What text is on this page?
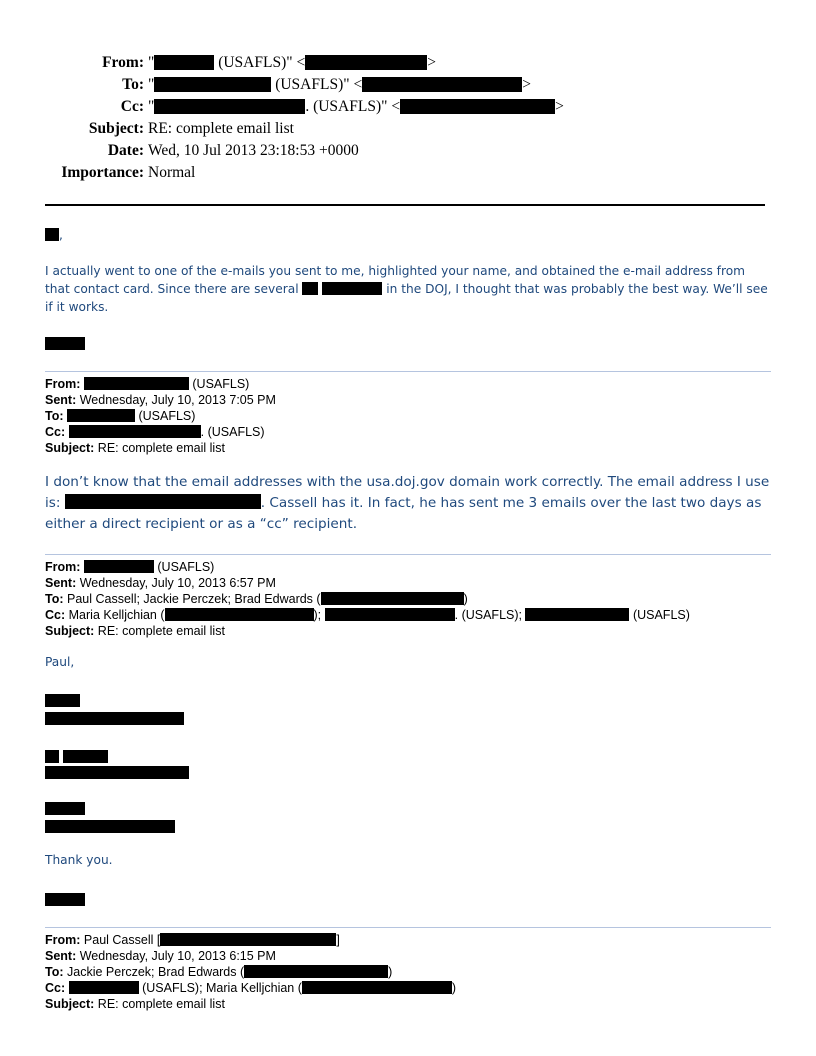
From: "	(USAFLS)" <	>
To: "	(USAFLS)" <	>
Cc: "	. (USAFLS)" <	>
Subject: RE: complete email list
Date: Wed, 10 Jul 2013 23:18:53 +0000
Importance: Normal
,
I actually went to one of the e-mails you sent to me, highlighted your name, and obtained the e-mail address from that contact card. Since there are several	in the DOJ, I thought that was probably the best way. We’ll see if it works.
From:	(USAFLS)
Sent: Wednesday, July 10, 2013 7:05 PM
To:	(USAFLS)
Cc:	. (USAFLS)
Subject: RE: complete email list
I don’t know that the email addresses with the usa.doj.gov domain work correctly. The email address I use is:	. Cassell has it. In fact, he has sent me 3 emails over the last two days as either a direct recipient or as a “cc” recipient.
From:	(USAFLS)
Sent: Wednesday, July 10, 2013 6:57 PM
To: Paul Cassell; Jackie Perczek; Brad Edwards (	)
Cc: Maria Kelljchian (	);	. (USAFLS);	(USAFLS)
Subject: RE: complete email list
Paul,

Thank you.
From: Paul Cassell [	]
Sent: Wednesday, July 10, 2013 6:15 PM
To: Jackie Perczek; Brad Edwards (	)
Cc:	(USAFLS); Maria Kelljchian (	)
Subject: RE: complete email list
